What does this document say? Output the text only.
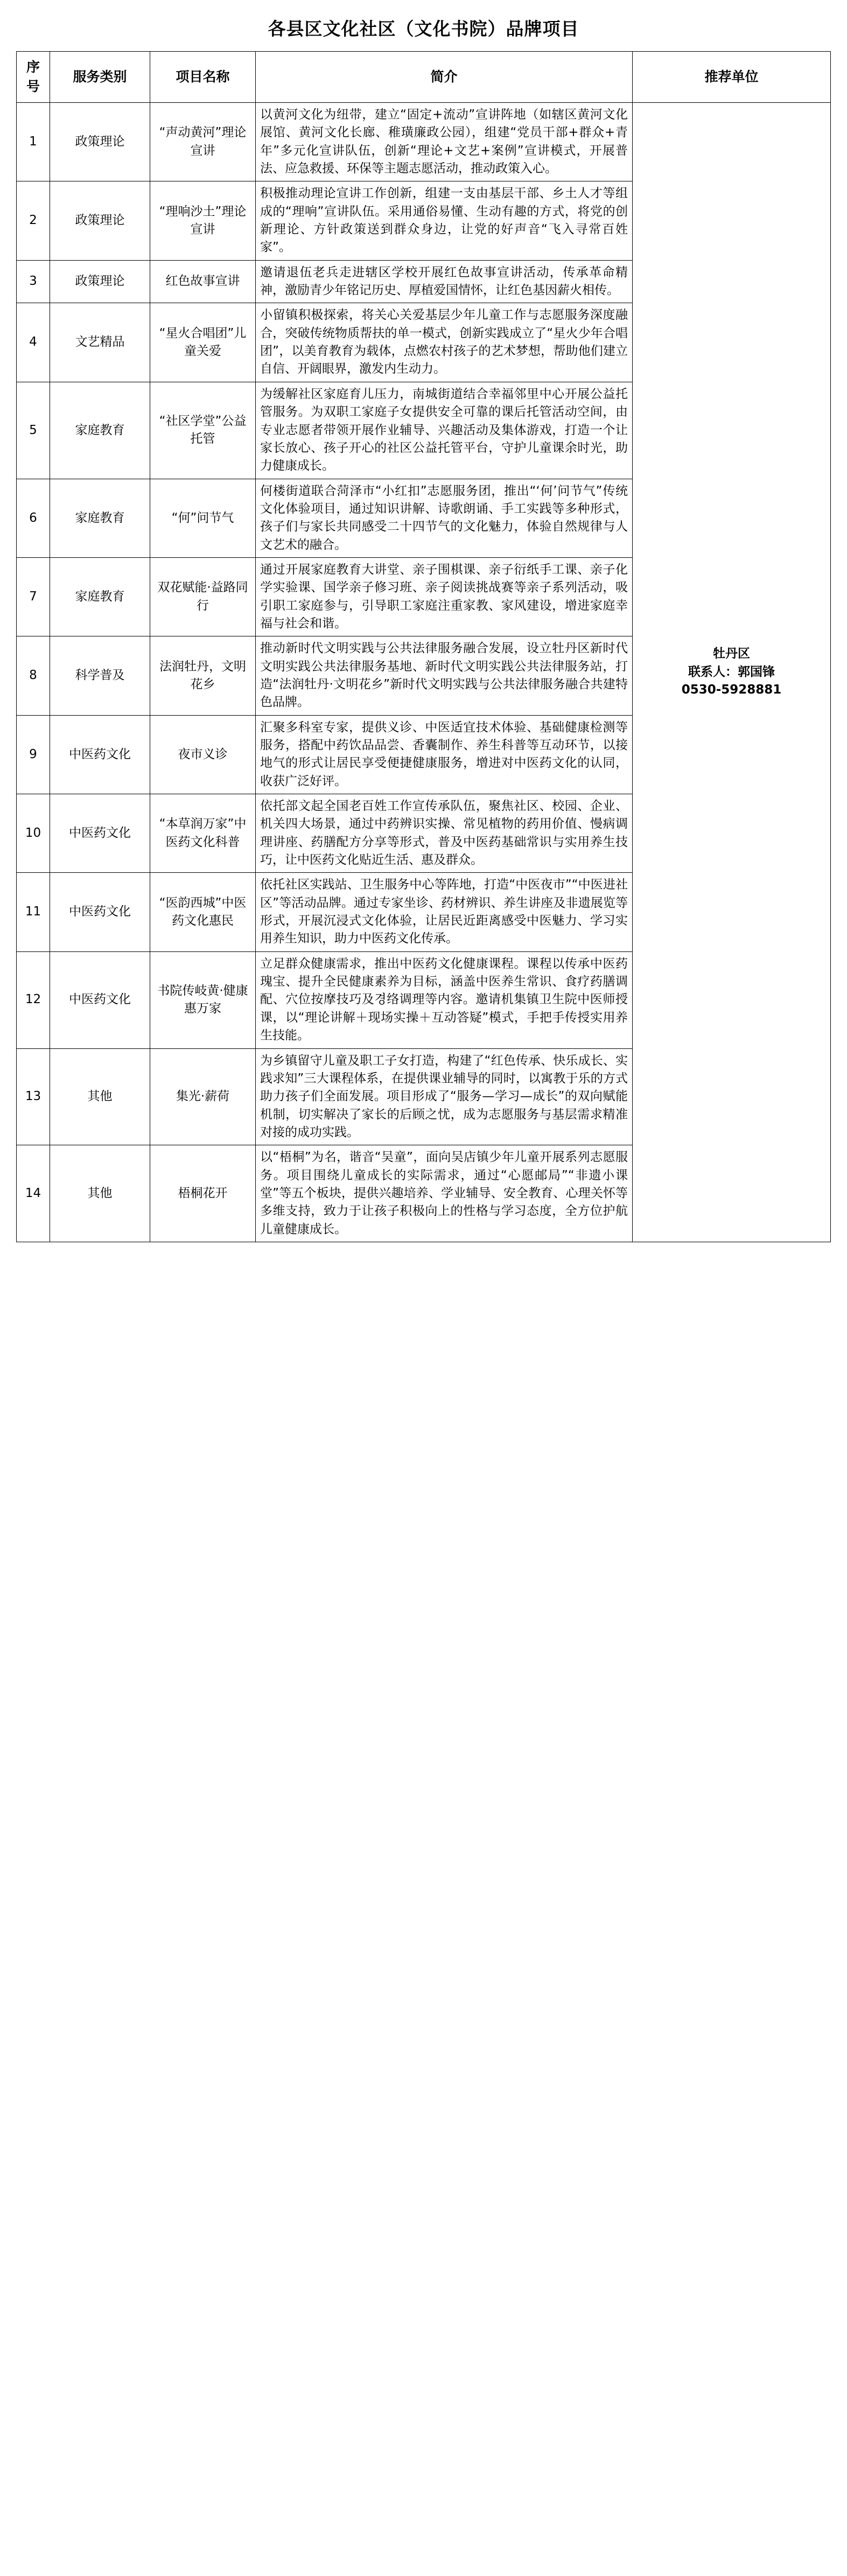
各县区文化社区（文化书院）品牌项目
序号	服务类别	项目名称	简介	推荐单位
1	政策理论	“声动黄河”理论宣讲	以黄河文化为纽带，建立“固定+流动”宣讲阵地（如辖区黄河文化展馆、黄河文化长廊、稚璜廉政公园），组建“党员干部+群众+青年”多元化宣讲队伍，创新“理论+文艺+案例”宣讲模式，开展普法、应急救援、环保等主题志愿活动，推动政策入心。	牡丹区
联系人：郭国锋
0530-5928881

2	政策理论	“理响沙土”理论宣讲	积极推动理论宣讲工作创新，组建一支由基层干部、乡土人才等组成的“理响”宣讲队伍。采用通俗易懂、生动有趣的方式，将党的创新理论、方针政策送到群众身边，让党的好声音“飞入寻常百姓家”。	
3	政策理论	红色故事宣讲	邀请退伍老兵走进辖区学校开展红色故事宣讲活动，传承革命精神，激励青少年铭记历史、厚植爱国情怀，让红色基因薪火相传。	
4	文艺精品	“星火合唱团”儿童关爱	小留镇积极探索，将关心关爱基层少年儿童工作与志愿服务深度融合，突破传统物质帮扶的单一模式，创新实践成立了“星火少年合唱团”，以美育教育为载体，点燃农村孩子的艺术梦想，帮助他们建立自信、开阔眼界，激发内生动力。	
5	家庭教育	“社区学堂”公益托管	为缓解社区家庭育儿压力，南城街道结合幸福邻里中心开展公益托管服务。为双职工家庭子女提供安全可靠的课后托管活动空间，由专业志愿者带领开展作业辅导、兴趣活动及集体游戏，打造一个让家长放心、孩子开心的社区公益托管平台，守护儿童课余时光，助力健康成长。	
6	家庭教育	“何”问节气	何楼街道联合菏泽市“小红扣”志愿服务团，推出“‘何’问节气”传统文化体验项目，通过知识讲解、诗歌朗诵、手工实践等多种形式，孩子们与家长共同感受二十四节气的文化魅力，体验自然规律与人文艺术的融合。	
7	家庭教育	双花赋能·益路同行	通过开展家庭教育大讲堂、亲子围棋课、亲子衍纸手工课、亲子化学实验课、国学亲子修习班、亲子阅读挑战赛等亲子系列活动，吸引职工家庭参与，引导职工家庭注重家教、家风建设，增进家庭幸福与社会和谐。	
8	科学普及	法润牡丹，文明花乡	推动新时代文明实践与公共法律服务融合发展，设立牡丹区新时代文明实践公共法律服务基地、新时代文明实践公共法律服务站，打造“法润牡丹·文明花乡”新时代文明实践与公共法律服务融合共建特色品牌。	
9	中医药文化	夜市义诊	汇聚多科室专家，提供义诊、中医适宜技术体验、基础健康检测等服务，搭配中药饮品品尝、香囊制作、养生科普等互动环节，以接地气的形式让居民享受便捷健康服务，增进对中医药文化的认同，收获广泛好评。	
10	中医药文化	“本草润万家”中医药文化科普	依托部文起全国老百姓工作宣传承队伍，聚焦社区、校园、企业、机关四大场景，通过中药辨识实操、常见植物的药用价值、慢病调理讲座、药膳配方分享等形式，普及中医药基础常识与实用养生技巧，让中医药文化贴近生活、惠及群众。	
11	中医药文化	“医韵西城”中医药文化惠民	依托社区实践站、卫生服务中心等阵地，打造“中医夜市”“中医进社区”等活动品牌。通过专家坐诊、药材辨识、养生讲座及非遗展览等形式，开展沉浸式文化体验，让居民近距离感受中医魅力、学习实用养生知识，助力中医药文化传承。	
12	中医药文化	书院传岐黄·健康惠万家	立足群众健康需求，推出中医药文化健康课程。课程以传承中医药瑰宝、提升全民健康素养为目标，涵盖中医养生常识、食疗药膳调配、穴位按摩技巧及경络调理等内容。邀请机集镇卫生院中医师授课，以“理论讲解＋现场实操＋互动答疑”模式，手把手传授实用养生技能。	
13	其他	集光·薪荷	为乡镇留守儿童及职工子女打造，构建了“红色传承、快乐成长、实践求知”三大课程体系，在提供课业辅导的同时，以寓教于乐的方式助力孩子们全面发展。项目形成了“服务—学习—成长”的双向赋能机制，切实解决了家长的后顾之忧，成为志愿服务与基层需求精准对接的成功实践。	
14	其他	梧桐花开	以“梧桐”为名，谐音“吴童”，面向吴店镇少年儿童开展系列志愿服务。项目围绕儿童成长的实际需求，通过“心愿邮局”“非遗小课堂”等五个板块，提供兴趣培养、学业辅导、安全教育、心理关怀等多维支持，致力于让孩子积极向上的性格与学习态度，全方位护航儿童健康成长。	
